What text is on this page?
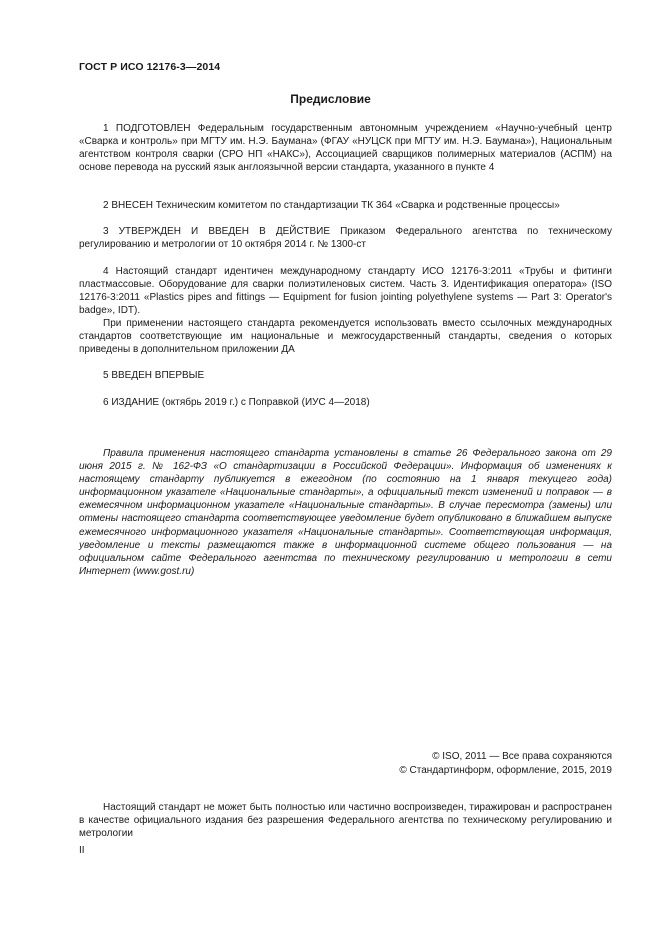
ГОСТ Р ИСО 12176-3—2014
Предисловие

1 ПОДГОТОВЛЕН Федеральным государственным автономным учреждением «Научно-учебный центр «Сварка и контроль» при МГТУ им. Н.Э. Баумана» (ФГАУ «НУЦСК при МГТУ им. Н.Э. Баумана»), Национальным агентством контроля сварки (СРО НП «НАКС»), Ассоциацией сварщиков полимерных материалов (АСПМ) на основе перевода на русский язык англоязычной версии стандарта, указанного в пункте 4

2 ВНЕСЕН Техническим комитетом по стандартизации ТК 364 «Сварка и родственные процессы»

3 УТВЕРЖДЕН И ВВЕДЕН В ДЕЙСТВИЕ Приказом Федерального агентства по техническому регулированию и метрологии от 10 октября 2014 г. № 1300-ст

4 Настоящий стандарт идентичен международному стандарту ИСО 12176-3:2011 «Трубы и фитинги пластмассовые. Оборудование для сварки полиэтиленовых систем. Часть 3. Идентификация оператора» (ISO 12176-3:2011 «Plastics pipes and fittings — Equipment for fusion jointing polyethylene systems — Part 3: Operator's badge», IDT).

При применении настоящего стандарта рекомендуется использовать вместо ссылочных международных стандартов соответствующие им национальные и межгосударственный стандарты, сведения о которых приведены в дополнительном приложении ДА

5 ВВЕДЕН ВПЕРВЫЕ

6 ИЗДАНИЕ (октябрь 2019 г.) с Поправкой (ИУС 4—2018)

Правила применения настоящего стандарта установлены в статье 26 Федерального закона от 29 июня 2015 г. № 162-ФЗ «О стандартизации в Российской Федерации». Информация об изменениях к настоящему стандарту публикуется в ежегодном (по состоянию на 1 января текущего года) информационном указателе «Национальные стандарты», а официальный текст изменений и поправок — в ежемесячном информационном указателе «Национальные стандарты». В случае пересмотра (замены) или отмены настоящего стандарта соответствующее уведомление будет опубликовано в ближайшем выпуске ежемесячного информационного указателя «Национальные стандарты». Соответствующая информация, уведомление и тексты размещаются также в информационной системе общего пользования — на официальном сайте Федерального агентства по техническому регулированию и метрологии в сети Интернет (www.gost.ru)

© ISO, 2011 — Все права сохраняются
© Стандартинформ, оформление, 2015, 2019

Настоящий стандарт не может быть полностью или частично воспроизведен, тиражирован и распространен в качестве официального издания без разрешения Федерального агентства по техническому регулированию и метрологии

II
